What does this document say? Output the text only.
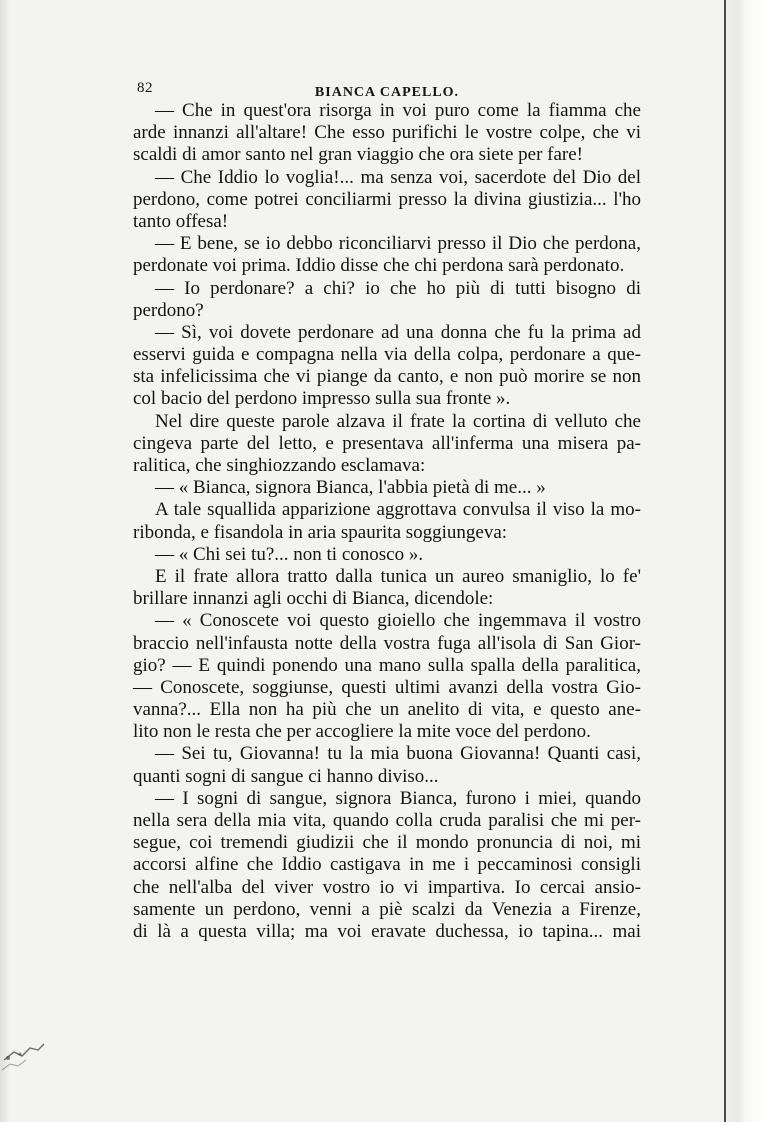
82	BIANCA CAPELLO.
— Che in quest'ora risorga in voi puro come la fiamma che
arde innanzi all'altare! Che esso purifichi le vostre colpe, che vi
scaldi di amor santo nel gran viaggio che ora siete per fare!
— Che Iddio lo voglia!... ma senza voi, sacerdote del Dio del
perdono, come potrei conciliarmi presso la divina giustizia... l'ho
tanto offesa!
— E bene, se io debbo riconciliarvi presso il Dio che perdona,
perdonate voi prima. Iddio disse che chi perdona sarà perdonato.
— Io perdonare? a chi? io che ho più di tutti bisogno di
perdono?
— Sì, voi dovete perdonare ad una donna che fu la prima ad
esservi guida e compagna nella via della colpa, perdonare a que-
sta infelicissima che vi piange da canto, e non può morire se non
col bacio del perdono impresso sulla sua fronte ».
Nel dire queste parole alzava il frate la cortina di velluto che
cingeva parte del letto, e presentava all'inferma una misera pa-
ralitica, che singhiozzando esclamava:
— « Bianca, signora Bianca, l'abbia pietà di me... »
A tale squallida apparizione aggrottava convulsa il viso la mo-
ribonda, e fisandola in aria spaurita soggiungeva:
— « Chi sei tu?... non ti conosco ».
E il frate allora tratto dalla tunica un aureo smaniglio, lo fe'
brillare innanzi agli occhi di Bianca, dicendole:
— « Conoscete voi questo gioiello che ingemmava il vostro
braccio nell'infausta notte della vostra fuga all'isola di San Gior-
gio? — E quindi ponendo una mano sulla spalla della paralitica,
— Conoscete, soggiunse, questi ultimi avanzi della vostra Gio-
vanna?... Ella non ha più che un anelito di vita, e questo ane-
lito non le resta che per accogliere la mite voce del perdono.
— Sei tu, Giovanna! tu la mia buona Giovanna! Quanti casi,
quanti sogni di sangue ci hanno diviso...
— I sogni di sangue, signora Bianca, furono i miei, quando
nella sera della mia vita, quando colla cruda paralisi che mi per-
segue, coi tremendi giudizii che il mondo pronuncia di noi, mi
accorsi alfine che Iddio castigava in me i peccaminosi consigli
che nell'alba del viver vostro io vi impartiva. Io cercai ansio-
samente un perdono, venni a piè scalzi da Venezia a Firenze,
di là a questa villa; ma voi eravate duchessa, io tapina... mai
